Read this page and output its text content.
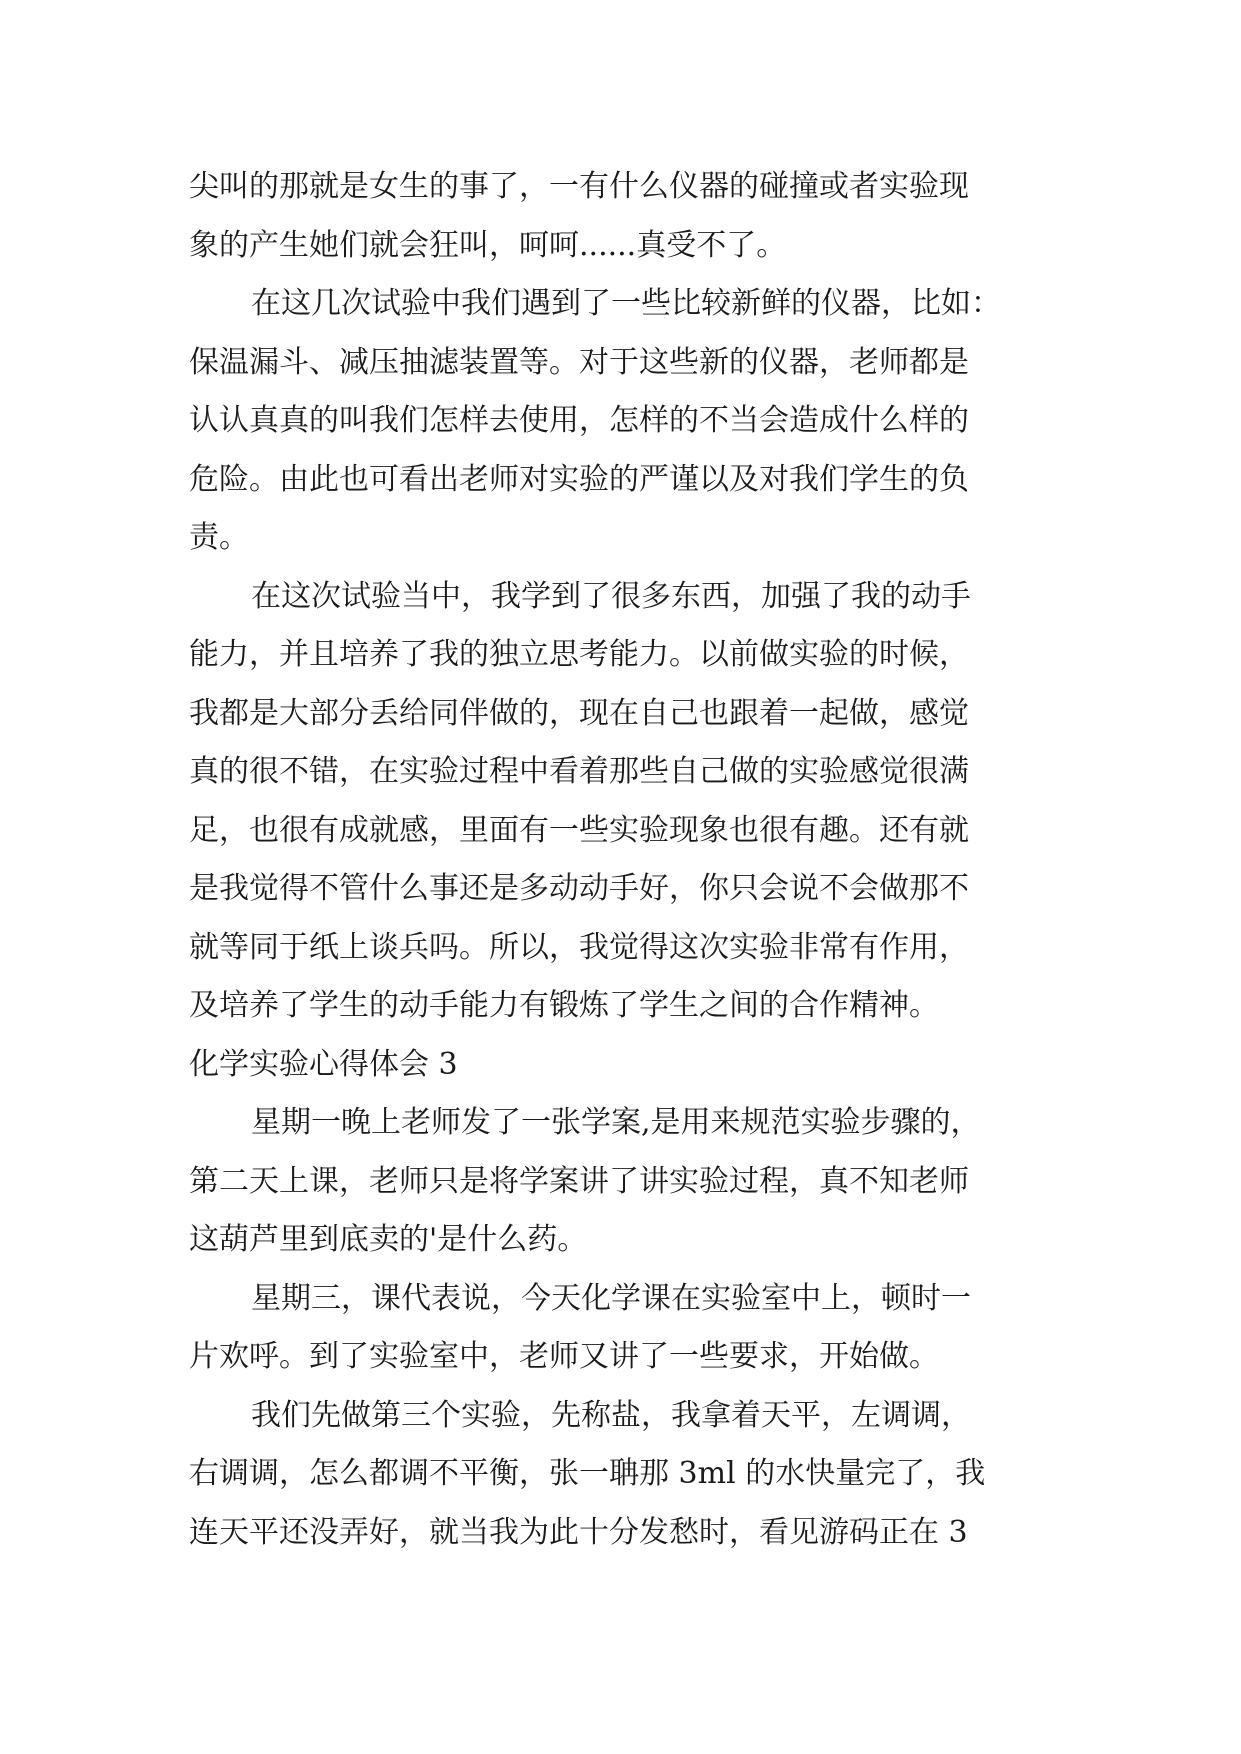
尖叫的那就是女生的事了，一有什么仪器的碰撞或者实验现
象的产生她们就会狂叫，呵呵......真受不了。
在这几次试验中我们遇到了一些比较新鲜的仪器，比如：
保温漏斗、减压抽滤装置等。对于这些新的仪器，老师都是
认认真真的叫我们怎样去使用，怎样的不当会造成什么样的
危险。由此也可看出老师对实验的严谨以及对我们学生的负
责。
在这次试验当中，我学到了很多东西，加强了我的动手
能力，并且培养了我的独立思考能力。以前做实验的时候，
我都是大部分丢给同伴做的，现在自己也跟着一起做，感觉
真的很不错，在实验过程中看着那些自己做的实验感觉很满
足，也很有成就感，里面有一些实验现象也很有趣。还有就
是我觉得不管什么事还是多动动手好，你只会说不会做那不
就等同于纸上谈兵吗。所以，我觉得这次实验非常有作用，
及培养了学生的动手能力有锻炼了学生之间的合作精神。
化学实验心得体会 3
星期一晚上老师发了一张学案,是用来规范实验步骤的，
第二天上课，老师只是将学案讲了讲实验过程，真不知老师
这葫芦里到底卖的'是什么药。
星期三，课代表说，今天化学课在实验室中上，顿时一
片欢呼。到了实验室中，老师又讲了一些要求，开始做。
我们先做第三个实验，先称盐，我拿着天平，左调调，
右调调，怎么都调不平衡，张一聃那 3ml 的水快量完了，我
连天平还没弄好，就当我为此十分发愁时，看见游码正在 3
